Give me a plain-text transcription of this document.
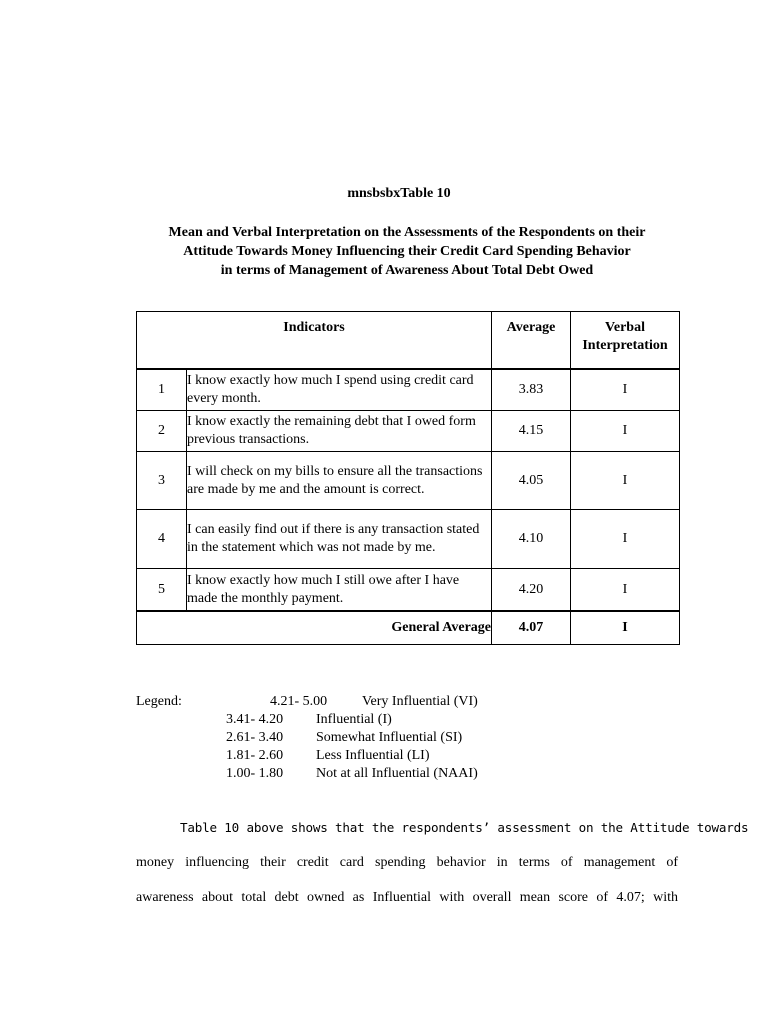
mnsbsbxTable 10
Mean and Verbal Interpretation on the Assessments of the Respondents on their
Attitude Towards Money Influencing their Credit Card Spending Behavior
in terms of Management of Awareness About Total Debt Owed
Indicators		Average	Verbal
Interpretation
1	I know exactly how much I spend using credit card every month.	3.83	I
2	I know exactly the remaining debt that I owed form previous transactions.	4.15	I
3	I will check on my bills to ensure all the transactions are made by me and the amount is correct.	4.05	I
4	I can easily find out if there is any transaction stated in the statement which was not made by me.	4.10	I
5	I know exactly how much I still owe after I have made the monthly payment.	4.20	I
General Average		4.07	I
Legend:	4.21- 5.00 Very Influential (VI)
3.41- 4.20 Influential (I)
2.61- 3.40 Somewhat Influential (SI)
1.81- 2.60 Less Influential (LI)
1.00- 1.80 Not at all Influential (NAAI)
Table 10 above shows that the respondents’ assessment on the Attitude towards
money influencing their credit card spending behavior in terms of management of
awareness about total debt owned as Influential with overall mean score of 4.07; with
